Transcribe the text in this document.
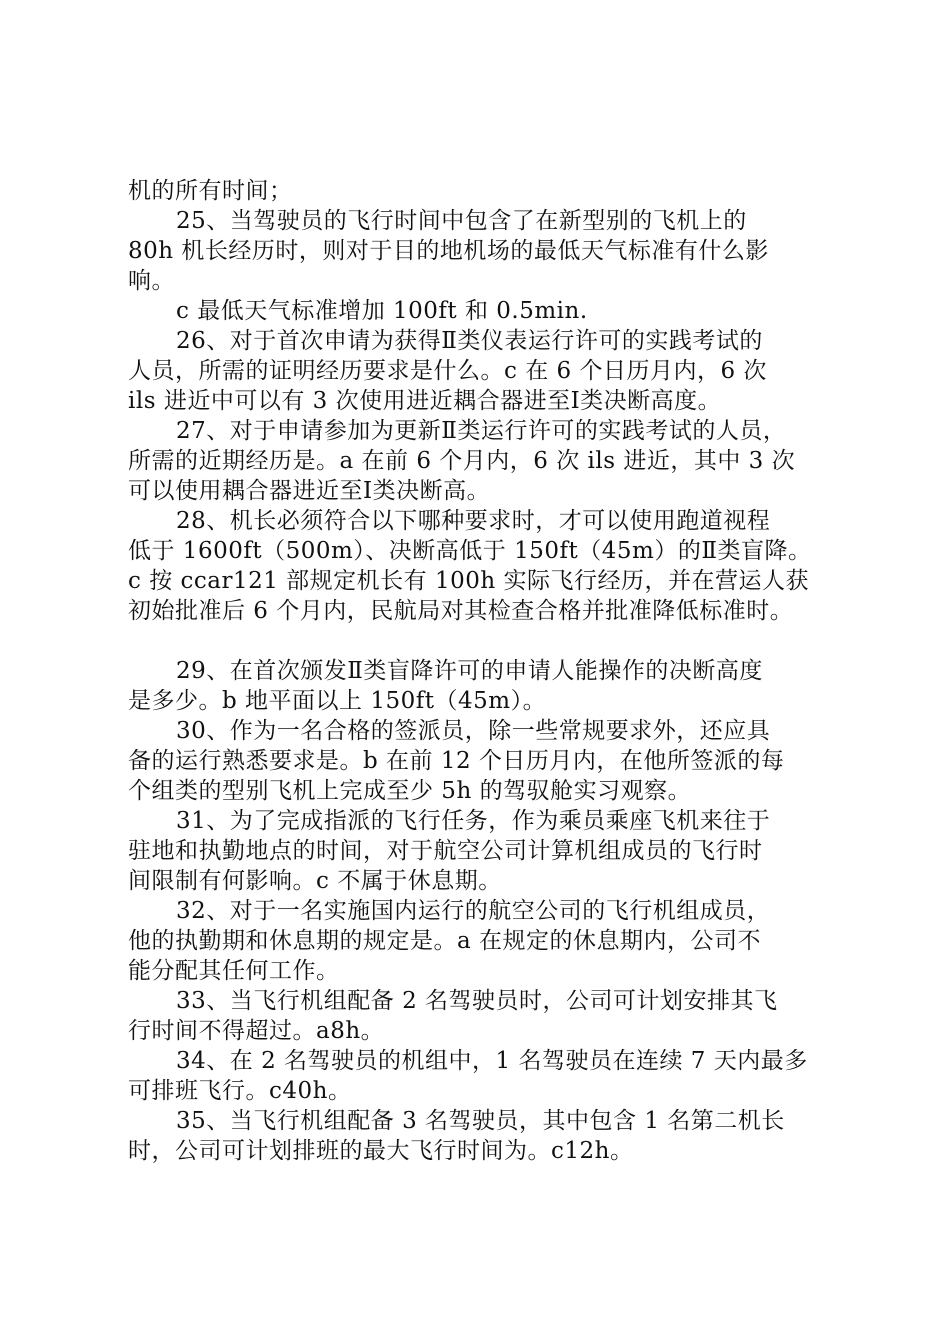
机的所有时间；
25、当驾驶员的飞行时间中包含了在新型别的飞机上的
80h 机长经历时，则对于目的地机场的最低天气标准有什么影
响。
c 最低天气标准增加 100ft 和 0.5min.
26、对于首次申请为获得Ⅱ类仪表运行许可的实践考试的
人员，所需的证明经历要求是什么。c 在 6 个日历月内，6 次
ils 进近中可以有 3 次使用进近耦合器进至Ⅰ类决断高度。
27、对于申请参加为更新Ⅱ类运行许可的实践考试的人员，
所需的近期经历是。a 在前 6 个月内，6 次 ils 进近，其中 3 次
可以使用耦合器进近至Ⅰ类决断高。
28、机长必须符合以下哪种要求时，才可以使用跑道视程
低于 1600ft（500m）、决断高低于 150ft（45m）的Ⅱ类盲降。
c 按 ccar121 部规定机长有 100h 实际飞行经历，并在营运人获
初始批准后 6 个月内，民航局对其检查合格并批准降低标准时。
29、在首次颁发Ⅱ类盲降许可的申请人能操作的决断高度
是多少。b 地平面以上 150ft（45m）。
30、作为一名合格的签派员，除一些常规要求外，还应具
备的运行熟悉要求是。b 在前 12 个日历月内，在他所签派的每
个组类的型别飞机上完成至少 5h 的驾驭舱实习观察。
31、为了完成指派的飞行任务，作为乘员乘座飞机来往于
驻地和执勤地点的时间，对于航空公司计算机组成员的飞行时
间限制有何影响。c 不属于休息期。
32、对于一名实施国内运行的航空公司的飞行机组成员，
他的执勤期和休息期的规定是。a 在规定的休息期内，公司不
能分配其任何工作。
33、当飞行机组配备 2 名驾驶员时，公司可计划安排其飞
行时间不得超过。a8h。
34、在 2 名驾驶员的机组中，1 名驾驶员在连续 7 天内最多
可排班飞行。c40h。
35、当飞行机组配备 3 名驾驶员，其中包含 1 名第二机长
时，公司可计划排班的最大飞行时间为。c12h。
